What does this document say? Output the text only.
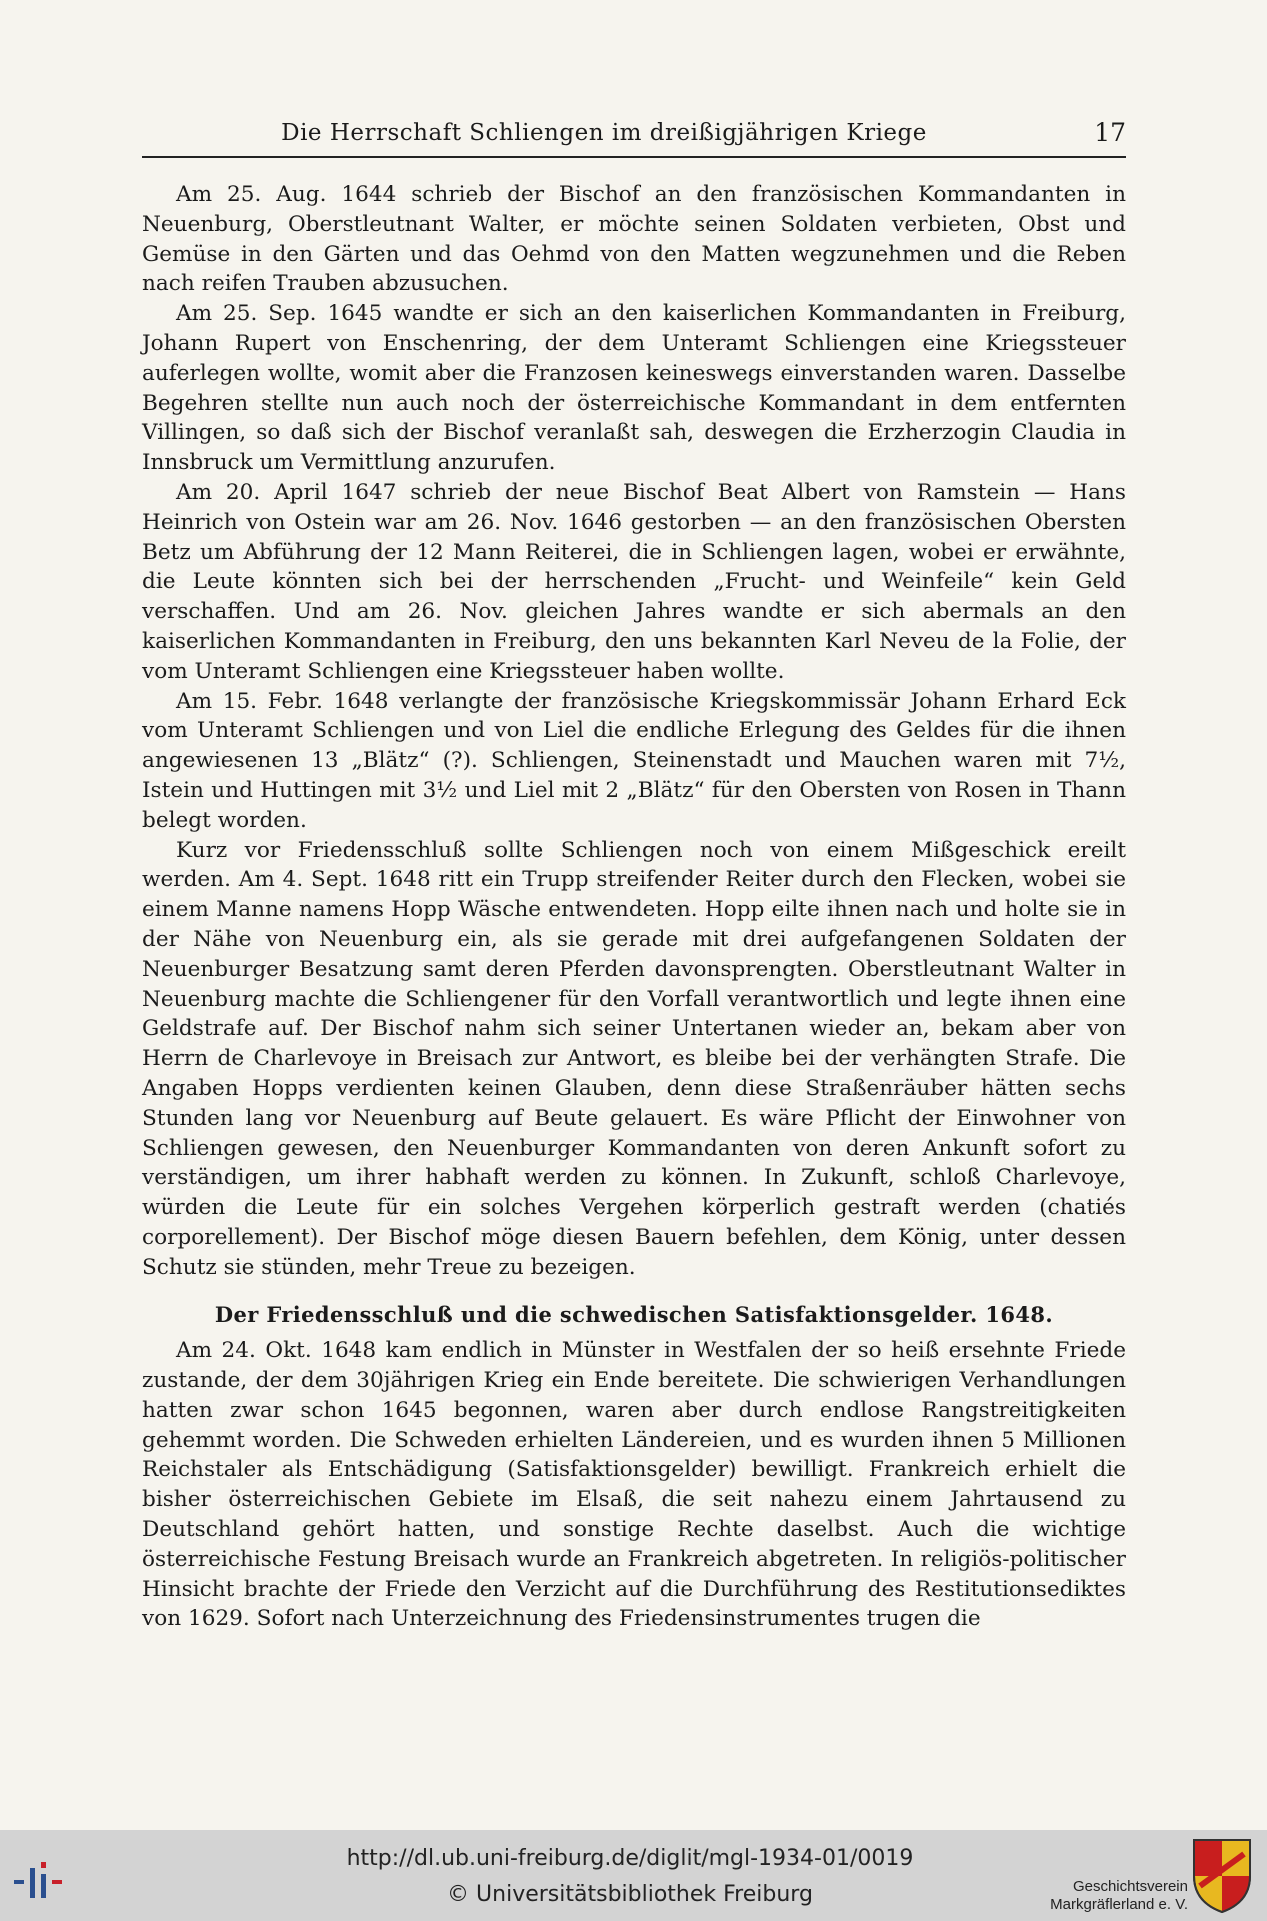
Die Herrschaft Schliengen im dreißigjährigen Kriege	17

Am 25. Aug. 1644 schrieb der Bischof an den französischen Kommandanten in Neuenburg, Oberstleutnant Walter, er möchte seinen Soldaten verbieten, Obst und Gemüse in den Gärten und das Oehmd von den Matten wegzunehmen und die Reben nach reifen Trauben abzusuchen.

Am 25. Sep. 1645 wandte er sich an den kaiserlichen Kommandanten in Freiburg, Johann Rupert von Enschenring, der dem Unteramt Schliengen eine Kriegssteuer auferlegen wollte, womit aber die Franzosen keineswegs einverstanden waren. Dasselbe Begehren stellte nun auch noch der österreichische Kommandant in dem entfernten Villingen, so daß sich der Bischof veranlaßt sah, deswegen die Erzherzogin Claudia in Innsbruck um Vermittlung anzurufen.

Am 20. April 1647 schrieb der neue Bischof Beat Albert von Ramstein — Hans Heinrich von Ostein war am 26. Nov. 1646 gestorben — an den französischen Obersten Betz um Abführung der 12 Mann Reiterei, die in Schliengen lagen, wobei er erwähnte, die Leute könnten sich bei der herrschenden „Frucht- und Weinfeile“ kein Geld verschaffen. Und am 26. Nov. gleichen Jahres wandte er sich abermals an den kaiserlichen Kommandanten in Freiburg, den uns bekannten Karl Neveu de la Folie, der vom Unteramt Schliengen eine Kriegssteuer haben wollte.

Am 15. Febr. 1648 verlangte der französische Kriegskommissär Johann Erhard Eck vom Unteramt Schliengen und von Liel die endliche Erlegung des Geldes für die ihnen angewiesenen 13 „Blätz“ (?). Schliengen, Steinenstadt und Mauchen waren mit 7½, Istein und Huttingen mit 3½ und Liel mit 2 „Blätz“ für den Obersten von Rosen in Thann belegt worden.

Kurz vor Friedensschluß sollte Schliengen noch von einem Mißgeschick ereilt werden. Am 4. Sept. 1648 ritt ein Trupp streifender Reiter durch den Flecken, wobei sie einem Manne namens Hopp Wäsche entwendeten. Hopp eilte ihnen nach und holte sie in der Nähe von Neuenburg ein, als sie gerade mit drei aufgefangenen Soldaten der Neuenburger Besatzung samt deren Pferden davonsprengten. Oberstleutnant Walter in Neuenburg machte die Schliengener für den Vorfall verantwortlich und legte ihnen eine Geldstrafe auf. Der Bischof nahm sich seiner Untertanen wieder an, bekam aber von Herrn de Charlevoye in Breisach zur Antwort, es bleibe bei der verhängten Strafe. Die Angaben Hopps verdienten keinen Glauben, denn diese Straßenräuber hätten sechs Stunden lang vor Neuenburg auf Beute gelauert. Es wäre Pflicht der Einwohner von Schliengen gewesen, den Neuenburger Kommandanten von deren Ankunft sofort zu verständigen, um ihrer habhaft werden zu können. In Zukunft, schloß Charlevoye, würden die Leute für ein solches Vergehen körperlich gestraft werden (chatiés corporellement). Der Bischof möge diesen Bauern befehlen, dem König, unter dessen Schutz sie stünden, mehr Treue zu bezeigen.

Der Friedensschluß und die schwedischen Satisfaktionsgelder. 1648.

Am 24. Okt. 1648 kam endlich in Münster in Westfalen der so heiß ersehnte Friede zustande, der dem 30jährigen Krieg ein Ende bereitete. Die schwierigen Verhandlungen hatten zwar schon 1645 begonnen, waren aber durch endlose Rangstreitigkeiten gehemmt worden. Die Schweden erhielten Ländereien, und es wurden ihnen 5 Millionen Reichstaler als Entschädigung (Satisfaktionsgelder) bewilligt. Frankreich erhielt die bisher österreichischen Gebiete im Elsaß, die seit nahezu einem Jahrtausend zu Deutschland gehört hatten, und sonstige Rechte daselbst. Auch die wichtige österreichische Festung Breisach wurde an Frankreich abgetreten. In religiös-politischer Hinsicht brachte der Friede den Verzicht auf die Durchführung des Restitutionsediktes von 1629. Sofort nach Unterzeichnung des Friedensinstrumentes trugen die

http://dl.ub.uni-freiburg.de/diglit/mgl-1934-01/0019
© Universitätsbibliothek Freiburg	Geschichtsverein
Markgräflerland e. V.
